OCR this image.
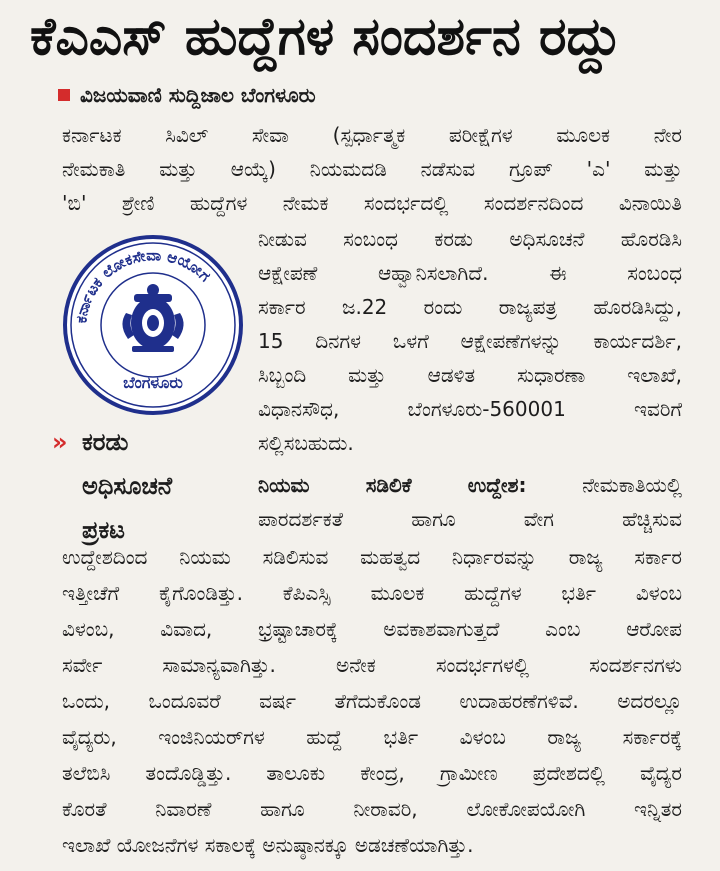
ಕೆಎಎಸ್ ಹುದ್ದೆಗಳ ಸಂದರ್ಶನ ರದ್ದು
ವಿಜಯವಾಣಿ ಸುದ್ದಿಜಾಲ ಬೆಂಗಳೂರು
ಕರ್ನಾಟಕ ಸಿವಿಲ್ ಸೇವಾ (ಸ್ಪರ್ಧಾತ್ಮಕ ಪರೀಕ್ಷೆಗಳ ಮೂಲಕ ನೇರ
ನೇಮಕಾತಿ ಮತ್ತು ಆಯ್ಕೆ) ನಿಯಮದಡಿ ನಡೆಸುವ ಗ್ರೂಪ್ 'ಎ' ಮತ್ತು
'ಬಿ' ಶ್ರೇಣಿ ಹುದ್ದೆಗಳ ನೇಮಕ ಸಂದರ್ಭದಲ್ಲಿ ಸಂದರ್ಶನದಿಂದ ವಿನಾಯಿತಿ
ಕರ್ನಾಟಕ ಲೋಕಸೇವಾ ಆಯೋಗ
ಬೆಂಗಳೂರು
ನೀಡುವ ಸಂಬಂಧ ಕರಡು ಅಧಿಸೂಚನೆ ಹೊರಡಿಸಿ
ಆಕ್ಷೇಪಣೆ ಆಹ್ವಾನಿಸಲಾಗಿದೆ. ಈ ಸಂಬಂಧ
ಸರ್ಕಾರ ಜ.22 ರಂದು ರಾಜ್ಯಪತ್ರ ಹೊರಡಿಸಿದ್ದು,
15 ದಿನಗಳ ಒಳಗೆ ಆಕ್ಷೇಪಣೆಗಳನ್ನು ಕಾರ್ಯದರ್ಶಿ,
ಸಿಬ್ಬಂದಿ ಮತ್ತು ಆಡಳಿತ ಸುಧಾರಣಾ ಇಲಾಖೆ,
ವಿಧಾನಸೌಧ, ಬೆಂಗಳೂರು-560001 ಇವರಿಗೆ
ಸಲ್ಲಿಸಬಹುದು.
ನಿಯಮ ಸಡಿಲಿಕೆ ಉದ್ದೇಶ:	ನೇಮಕಾತಿಯಲ್ಲಿ
ಪಾರದರ್ಶಕತೆ ಹಾಗೂ ವೇಗ ಹೆಚ್ಚಿಸುವ
» ಕರಡು
ಅಧಿಸೂಚನೆ
ಪ್ರಕಟ
ಉದ್ದೇಶದಿಂದ ನಿಯಮ ಸಡಿಲಿಸುವ ಮಹತ್ವದ ನಿರ್ಧಾರವನ್ನು ರಾಜ್ಯ ಸರ್ಕಾರ
ಇತ್ತೀಚೆಗೆ ಕೈಗೊಂಡಿತ್ತು. ಕೆಪಿಎಸ್ಸಿ ಮೂಲಕ ಹುದ್ದೆಗಳ ಭರ್ತಿ ವಿಳಂಬ
ವಿಳಂಬ, ವಿವಾದ, ಭ್ರಷ್ಟಾಚಾರಕ್ಕೆ ಅವಕಾಶವಾಗುತ್ತದೆ ಎಂಬ ಆರೋಪ
ಸರ್ವೇ ಸಾಮಾನ್ಯವಾಗಿತ್ತು. ಅನೇಕ ಸಂದರ್ಭಗಳಲ್ಲಿ ಸಂದರ್ಶನಗಳು
ಒಂದು, ಒಂದೂವರೆ ವರ್ಷ ತೆಗೆದುಕೊಂಡ ಉದಾಹರಣೆಗಳಿವೆ. ಅದರಲ್ಲೂ
ವೈದ್ಯರು, ಇಂಜಿನಿಯರ್‌ಗಳ ಹುದ್ದೆ ಭರ್ತಿ ವಿಳಂಬ ರಾಜ್ಯ ಸರ್ಕಾರಕ್ಕೆ
ತಲೆಬಿಸಿ ತಂದೊಡ್ಡಿತ್ತು. ತಾಲೂಕು ಕೇಂದ್ರ, ಗ್ರಾಮೀಣ ಪ್ರದೇಶದಲ್ಲಿ ವೈದ್ಯರ
ಕೊರತೆ ನಿವಾರಣೆ ಹಾಗೂ ನೀರಾವರಿ, ಲೋಕೋಪಯೋಗಿ ಇನ್ನಿತರ
ಇಲಾಖೆ ಯೋಜನೆಗಳ ಸಕಾಲಕ್ಕೆ ಅನುಷ್ಠಾನಕ್ಕೂ ಅಡಚಣೆಯಾಗಿತ್ತು.
